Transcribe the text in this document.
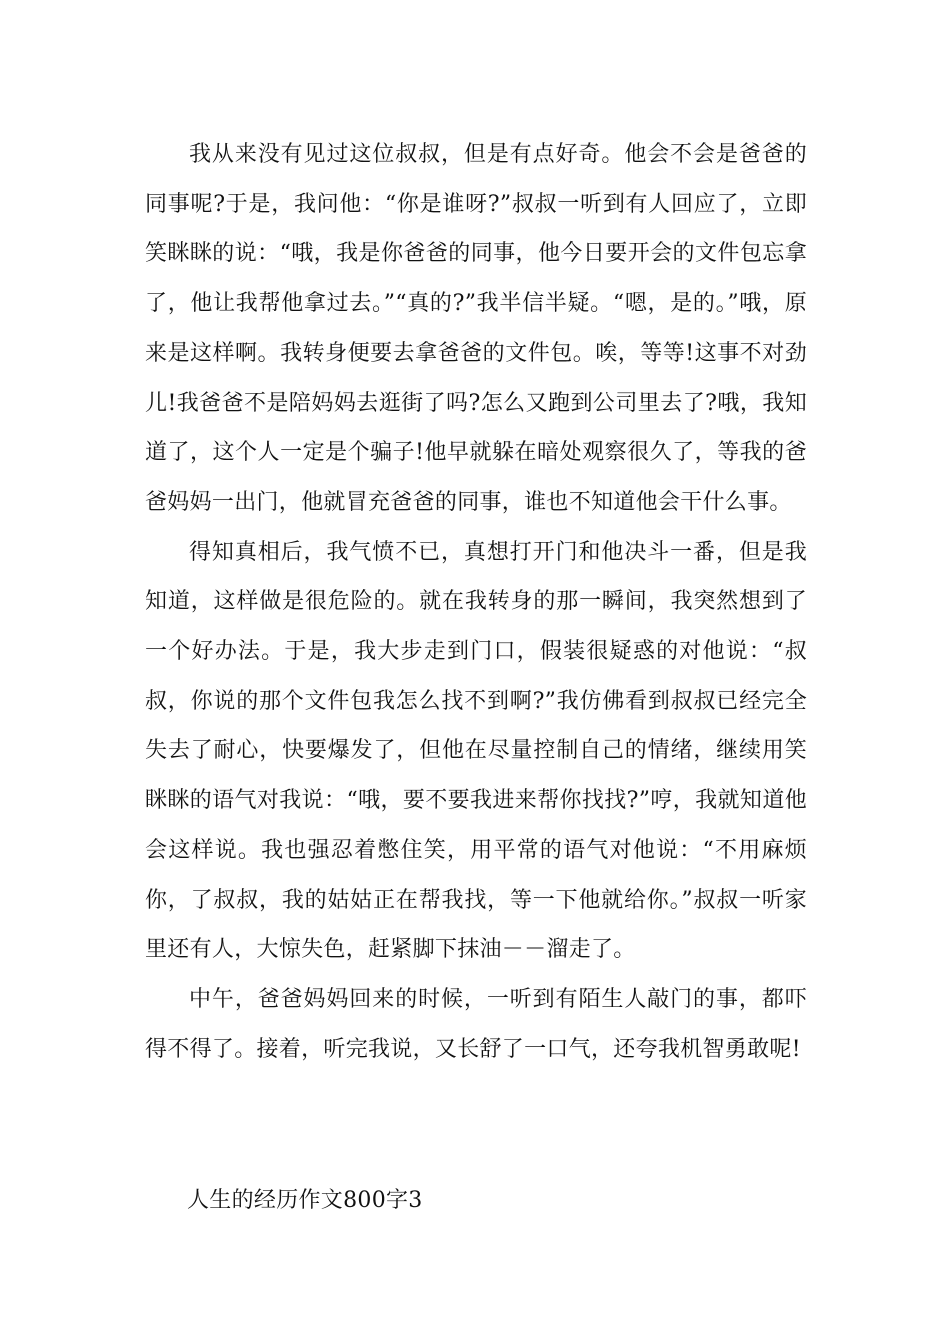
我从来没有见过这位叔叔，但是有点好奇。他会不会是爸爸的同事呢?于是，我问他：“你是谁呀?”叔叔一听到有人回应了，立即笑眯眯的说：“哦，我是你爸爸的同事，他今日要开会的文件包忘拿了，他让我帮他拿过去。”“真的?”我半信半疑。“嗯，是的。”哦，原来是这样啊。我转身便要去拿爸爸的文件包。唉，等等!这事不对劲儿!我爸爸不是陪妈妈去逛街了吗?怎么又跑到公司里去了?哦，我知道了，这个人一定是个骗子!他早就躲在暗处观察很久了，等我的爸爸妈妈一出门，他就冒充爸爸的同事，谁也不知道他会干什么事。

得知真相后，我气愤不已，真想打开门和他决斗一番，但是我知道，这样做是很危险的。就在我转身的那一瞬间，我突然想到了一个好办法。于是，我大步走到门口，假装很疑惑的对他说：“叔叔，你说的那个文件包我怎么找不到啊?”我仿佛看到叔叔已经完全失去了耐心，快要爆发了，但他在尽量控制自己的情绪，继续用笑眯眯的语气对我说：“哦，要不要我进来帮你找找?”哼，我就知道他会这样说。我也强忍着憋住笑，用平常的语气对他说：“不用麻烦你，了叔叔，我的姑姑正在帮我找，等一下他就给你。”叔叔一听家里还有人，大惊失色，赶紧脚下抹油－－溜走了。

中午，爸爸妈妈回来的时候，一听到有陌生人敲门的事，都吓得不得了。接着，听完我说，又长舒了一口气，还夸我机智勇敢呢!

人生的经历作文800字3
